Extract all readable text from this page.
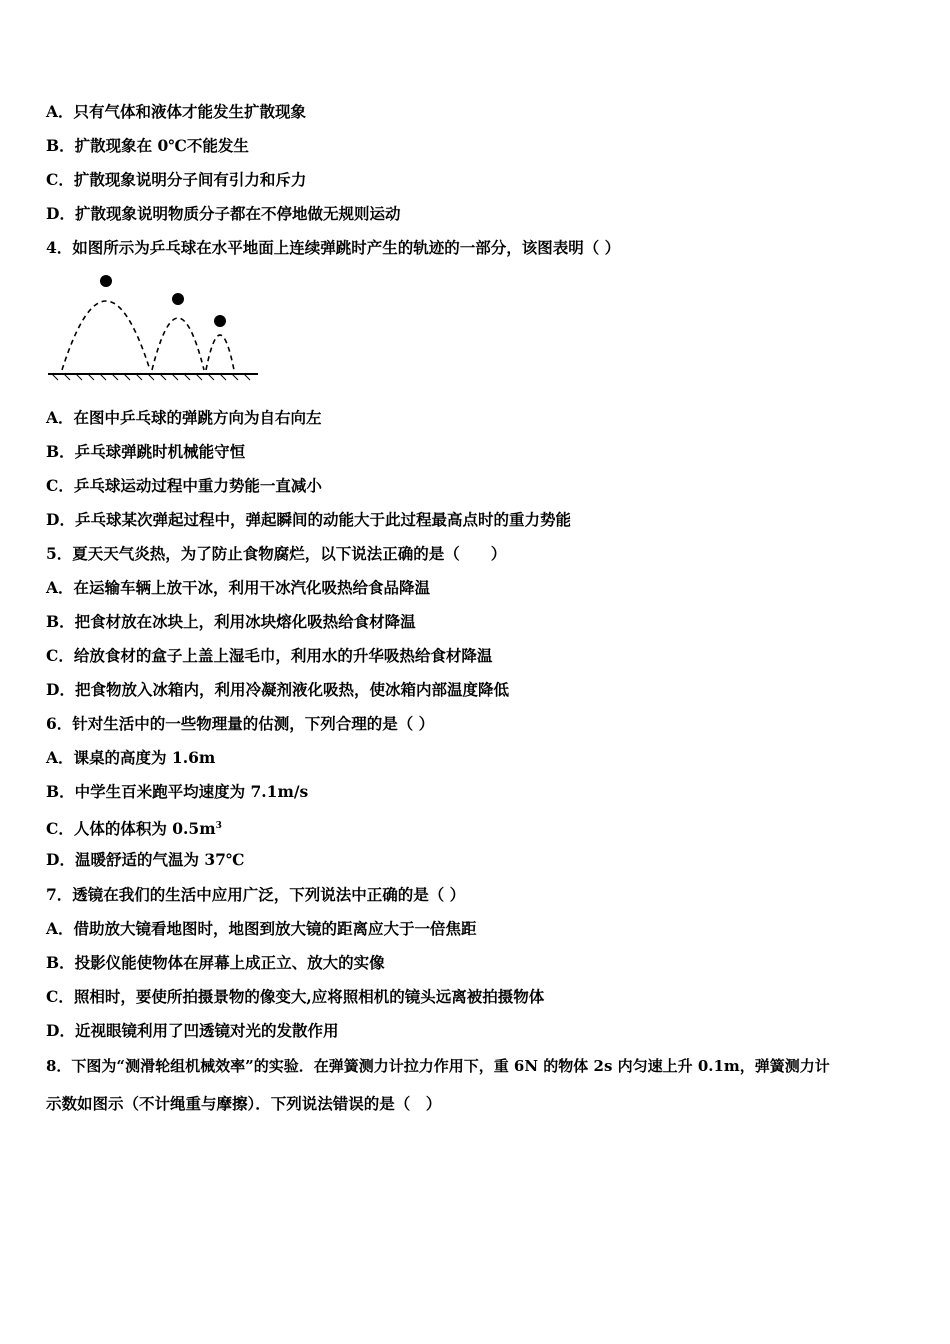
A．只有气体和液体才能发生扩散现象
B．扩散现象在 0℃不能发生
C．扩散现象说明分子间有引力和斥力
D．扩散现象说明物质分子都在不停地做无规则运动
4．如图所示为乒乓球在水平地面上连续弹跳时产生的轨迹的一部分，该图表明（ ）
A．在图中乒乓球的弹跳方向为自右向左
B．乒乓球弹跳时机械能守恒
C．乒乓球运动过程中重力势能一直减小
D．乒乓球某次弹起过程中，弹起瞬间的动能大于此过程最高点时的重力势能
5．夏天天气炎热，为了防止食物腐烂，以下说法正确的是（　　）
A．在运输车辆上放干冰，利用干冰汽化吸热给食品降温
B．把食材放在冰块上，利用冰块熔化吸热给食材降温
C．给放食材的盒子上盖上湿毛巾，利用水的升华吸热给食材降温
D．把食物放入冰箱内，利用冷凝剂液化吸热，使冰箱内部温度降低
6．针对生活中的一些物理量的估测，下列合理的是（ ）
A．课桌的高度为 1.6m
B．中学生百米跑平均速度为 7.1m/s
C．人体的体积为 $0.5m^3$
D．温暖舒适的气温为 37℃
7．透镜在我们的生活中应用广泛，下列说法中正确的是（ ）
A．借助放大镜看地图时，地图到放大镜的距离应大于一倍焦距
B．投影仪能使物体在屏幕上成正立、放大的实像
C．照相时，要使所拍摄景物的像变大,应将照相机的镜头远离被拍摄物体
D．近视眼镜利用了凹透镜对光的发散作用
8．下图为“测滑轮组机械效率”的实验．在弹簧测力计拉力作用下，重 6N 的物体 2s 内匀速上升 0.1m，弹簧测力计
示数如图示（不计绳重与摩擦）．下列说法错误的是（　）
